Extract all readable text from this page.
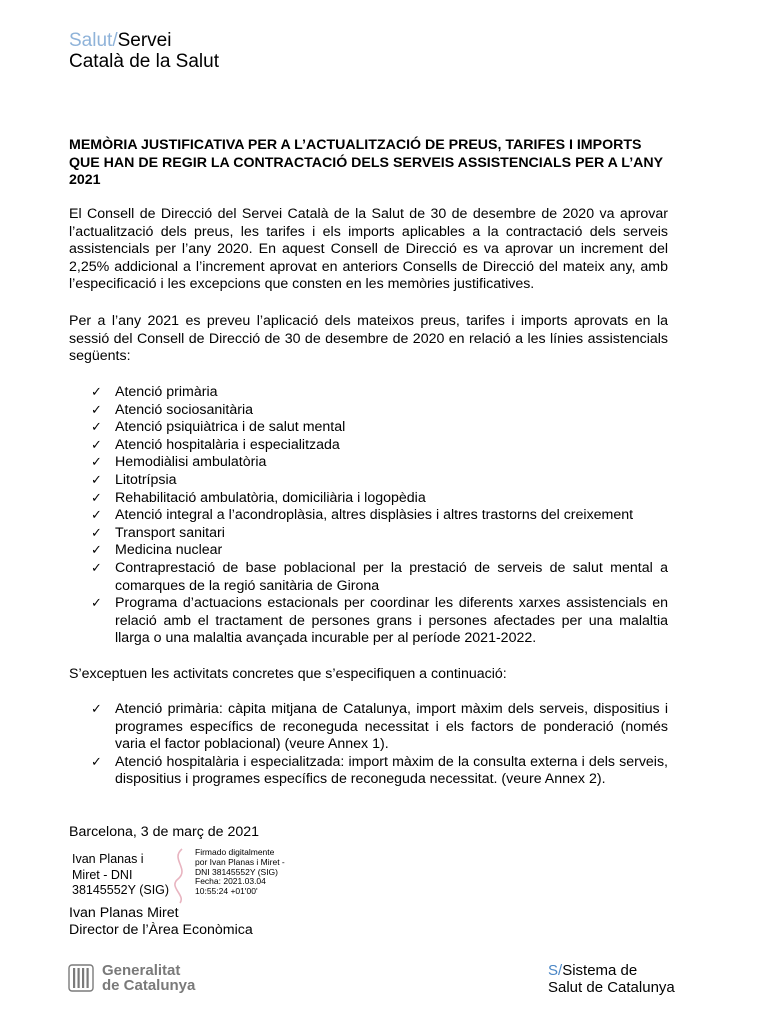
Salut/Servei
Català de la Salut
MEMÒRIA JUSTIFICATIVA PER A L’ACTUALITZACIÓ DE PREUS, TARIFES I IMPORTS QUE HAN DE REGIR LA CONTRACTACIÓ DELS SERVEIS ASSISTENCIALS PER A L’ANY 2021

El Consell de Direcció del Servei Català de la Salut de 30 de desembre de 2020 va aprovar l’actualització dels preus, les tarifes i els imports aplicables a la contractació dels serveis assistencials per l’any 2020. En aquest Consell de Direcció es va aprovar un increment del 2,25% addicional a l’increment aprovat en anteriors Consells de Direcció del mateix any, amb l’especificació i les excepcions que consten en les memòries justificatives.

Per a l’any 2021 es preveu l’aplicació dels mateixos preus, tarifes i imports aprovats en la sessió del Consell de Direcció de 30 de desembre de 2020 en relació a les línies assistencials següents:

✓ Atenció primària
✓ Atenció sociosanitària
✓ Atenció psiquiàtrica i de salut mental
✓ Atenció hospitalària i especialitzada
✓ Hemodiàlisi ambulatòria
✓ Litotrípsia
✓ Rehabilitació ambulatòria, domiciliària i logopèdia
✓ Atenció integral a l’acondroplàsia, altres displàsies i altres trastorns del creixement
✓ Transport sanitari
✓ Medicina nuclear
✓ Contraprestació de base poblacional per la prestació de serveis de salut mental a comarques de la regió sanitària de Girona
✓ Programa d’actuacions estacionals per coordinar les diferents xarxes assistencials en relació amb el tractament de persones grans i persones afectades per una malaltia llarga o una malaltia avançada incurable per al període 2021-2022.

S’exceptuen les activitats concretes que s’especifiquen a continuació:

✓ Atenció primària: càpita mitjana de Catalunya, import màxim dels serveis, dispositius i programes específics de reconeguda necessitat i els factors de ponderació (només varia el factor poblacional) (veure Annex 1).
✓ Atenció hospitalària i especialitzada: import màxim de la consulta externa i dels serveis, dispositius i programes específics de reconeguda necessitat. (veure Annex 2).
Barcelona, 3 de març de 2021
Ivan Planas i
Miret - DNI
38145552Y (SIG)
Firmado digitalmente
por Ivan Planas i Miret -
DNI 38145552Y (SIG)
Fecha: 2021.03.04
10:55:24 +01'00'
Ivan Planas Miret
Director de l’Àrea Econòmica
Generalitat
de Catalunya
S/Sistema de
Salut de Catalunya
